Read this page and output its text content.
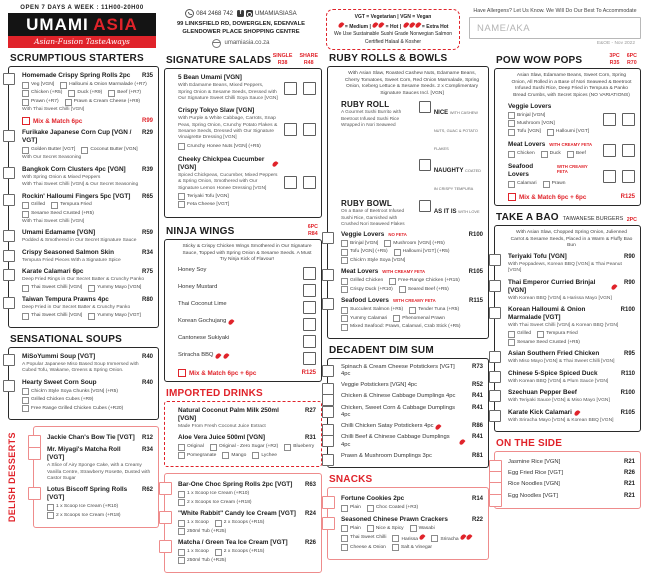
OPEN 7 DAYS A WEEK : 11H00-20H00
UMAMI ASIA
Asian-Fusion TasteAways
084 2468 742	f	UMAMIASIASA
99 LINKSFIELD RD, DOWERGLEN, EDENVALE
GLENDOWER PLACE SHOPPING CENTRE
umamiasia.co.za
VGT = Vegetarian | VGN = Vegan
= Medium |  = Hot |	= Extra Hot
We Use Sustainable Sushi Grade Norwegian Salmon
Certified Halaal & Kosher
Have Allergens? Let Us Know. We Will Do Our Best To Accommodate
NAME/AKA
E&OE - Nov 2022
SCRUMPTIOUS STARTERS
Homemade Crispy Spring Rolls 2pc	R35
Veg [VGN]	Halloumi & Onion Marmalade (+R7)
Chicken (+R5)	Duck (+R9)	Beef (+R7)
Prawn (+R7)	Prawn & Cream Cheese (+R9)

With Thai Sweet Chilli [VGN]

Mix & Match 6pc	R99
Furikake Japanese Corn Cup [VGN / VGT]
R29
Golden Butter [VGT]	Coconut Butter [VGN]

With Our Secret Seasoning

Bangkok Corn Clusters 4pc [VGN]	R39

With Spring Onion & Mixed Peppers

With Thai Sweet Chilli [VGN] & Our Secret Seasoning

Rockin' Halloumi Fingers 5pc [VGT]	R65
Grilled	Tempura Fried
Sesame Seed Crusted (+R5)

With Thai Sweet Chilli [VGN]

Umami Edamame [VGN]	R59

Podded & Smothered in Our Secret Signature Sauce

Crispy Seasoned Salmon Skin	R34

Tempura Fried Pieces With a Signature Spice

Karate Calamari 6pc	R75

Deep Fried Rings in Our Secret Batter & Crunchy Panko

Thai Sweet Chilli [VGN]	Yummy Mayo [VGN]
Taiwan Tempura Prawns 4pc	R80

Deep Fried in Our Secret Batter & Crunchy Panko

Thai Sweet Chilli [VGN]	Yummy Mayo [VGT]
SENSATIONAL SOUPS
MiSoYummi Soup [VGT]	R40

A Popular Japanese Miso Based Soup Immersed with Cubed Tofu, Wakame, Greens & Spring Onion.

Hearty Sweet Corn Soup	R40
Chick'n Style Soya Chunks [VGN] (+R5)
Grilled Chicken Cubes (+R9)
Free Range Grilled Chicken Cubes (+R20)
DELISH DESSERTS	Jackie Chan's Bow Tie [VGT]	R12
Mr. Miyagi's Matcha Roll [VGT]
R34

A Slice of Airy Sponge Cake, with a Creamy Vanilla Centre, Strawberry Rosette, Dusted with Castor Sugar

Lotus Biscoff Spring Rolls [VGT]
R62
1 x Scoop Ice Cream (+R10)
2 x Scoops Ice Cream (+R18)
SIGNATURE SALADS SINGLE
R38
SHARE
R48
5 Bean Umami [VGN]

With Edamame Beans, Mixed Peppers, Spring Onion & Sesame Seeds, Dressed with Our Signature Sweet Chilli Soya Sauce [VGN]

Crispy Tokyo Slaw [VGN]

With Purple & White Cabbage, Carrots, Snap Peas, Spring Onion, Crunchy Potato Flakes & Sesame Seeds, Dressed with Our Signature Vinaigrette Dressing [VGN]

Crunchy Honee Nuts [VGN] (+R5)
Cheeky Chickpea Cucumber [VGN]

Spiced Chickpeas, Cucumber, Mixed Peppers & Spring Onion, Smothered with Our Signature Lemon Honee Dressing [VGN]

Teriyaki Tofu [VGN]
Feta Cheese [VGT]
NINJA WINGS	6PC
R84

Sticky & Crispy Chicken Wings Smothered in Our Signature Sauce, Topped with Spring Onion & Sesame Seeds. A Must Try Ninja Kick of Flavour!

Honey Soy
Honey Mustard
Thai Coconut Lime
Korean Gochujang
Cantonese Sukiyaki
Sriracha BBQ
Mix & Match 6pc + 6pc	R125
IMPORTED DRINKS
Natural Coconut Palm Milk 250ml [VGN]
R27

Made From Fresh Coconut Juice Extract

Aloe Vera Juice 500ml [VGN]	R31
Original	Original - Zero Sugar (+R2)	Blueberry
Pomegranate	Mango	Lychee
Bar-One Choc Spring Rolls 2pc [VGT]	R63
1 x Scoop Ice Cream (+R10)
2 x Scoops Ice Cream (+R18)
"White Rabbit" Candy Ice Cream [VGT]	R24
1 x Scoop	2 x Scoops (+R15)
250ml Tub (+R25)
Matcha / Green Tea Ice Cream [VGT]	R26
1 x Scoop	2 x Scoops (+R15)
250ml Tub (+R25)
RUBY ROLLS & BOWLS

With Asian Slaw, Roasted Cashew Nuts, Edamame Beans, Cherry Tomatoes, Sweet Corn, Red Onion Marmalade, Spring Onion, Iceberg Lettuce & Sesame Seeds. 2 x Complimentary Signature Sauces Incl. [VGN]

RUBY ROLL
A Gourmet Sushi Burrito with Beetroot Infused Sushi Rice Wrapped in Nori Seaweed
NICE WITH CASHEW NUTS, GUAC & POTATO FLAKES
NAUGHTY COATED IN CRISPY TEMPURA
RUBY BOWL
On a Base of Beetroot Infused Sushi Rice, Garnished with Crushed Nori Seaweed Flakes
AS IT IS WITH LOVE
Veggie Lovers NO FETA	R100
Brinjal [VGN]	Mushroom [VGN] (+R5)
Tofu [VGN] (+R5)	Halloumi [VGT] (+R5)
Chick'n Style Soya [VGN]
Meat Lovers WITH CREAMY FETA	R105
Grilled Chicken	Free-Range Chicken (+R15)
Crispy Duck (+R10)	Seared Beef (+R5)
Seafood Lovers WITH CREAMY FETA	R115
Succulent Salmon (+R5)	Tender Tuna (+R5)
Yummy Calamari	Phenomenal Prawn
Mixed Seafood: Prawn, Calamari, Crab Stick (+R5)
DECADENT DIM SUM
Spinach & Cream Cheese Potstickers [VGT] 4pc
R73
Veggie Potstickers [VGN] 4pc	R52
Chicken & Chinese Cabbage Dumplings 4pc	R41
Chicken, Sweet Corn & Cabbage Dumplings 4pc
R41
Chilli Chicken Satay Potstickers 4pc	R86
Chilli Beef & Chinese Cabbage Dumplings 4pc
R41
Prawn & Mushroom Dumplings 3pc	R81
SNACKS
Fortune Cookies 2pc	R14
Plain	Choc Coated (+R3)
Seasoned Chinese Prawn Crackers	R22
Plain	Nice & Spicy	Wasabi
Thai Sweet Chilli	Harissa	Sriracha
Cheese & Onion	Salt & Vinegar
POW WOW POPS	3PC
R35
6PC
R70

Asian Slaw, Edamame Beans, Sweet Corn, Spring Onion, All Rolled in a Base of Nori Seaweed & Beetroot Infused Sushi Rice, Deep Fried in Tempura & Panko Bread Crumbs, with Secret Spices (NO VARIATIONS)

Veggie Lovers
Brinjal [VGN]
Mushroom [VGN]
Tofu [VGN]	Halloumi [VGT]
Meat Lovers WITH CREAMY FETA
Chicken	Duck	Beef
Seafood Lovers
WITH CREAMY FETA
Calamari	Prawn
Mix & Match 6pc + 6pc	R125
TAKE A BAO TAIWANESE BURGERS 2PC

With Asian Slaw, Chopped Spring Onion, Julienned Carrot & Sesame Seeds, Placed in a Warm & Fluffy Bao Bun

Teriyaki Tofu [VGN]	R90

With Peppadews, Korean BBQ [VGN] & Thai Peanut [VGN]

Thai Emperor Curried Brinjal [VGN]
R90

With Korean BBQ [VGN] & Harissa Mayo [VGN]

Korean Halloumi & Onion Marmalade [VGT]
R100

With Thai Sweet Chilli [VGN] & Korean BBQ [VGN]

Grilled	Tempura Fried
Sesame Seed Crusted (+R5)
Asian Southern Fried Chicken	R95

With Miso Mayo [VGN] & Thai Sweet Chilli [VGN]

Chinese 5-Spice Spiced Duck	R110

With Korean BBQ [VGN] & Plum Sauce [VGN]

Szechuan Pepper Beef	R100

With Teriyaki Sauce [VGN] & Miso Mayo [VGN]

Karate Kick Calamari	R105

With Sriracha Mayo [VGN] & Korean BBQ [VGN]

ON THE SIDE
Jasmine Rice [VGN]	R21
Egg Fried Rice [VGT]	R26
Rice Noodles [VGN]	R21
Egg Noodles [VGT]	R21
